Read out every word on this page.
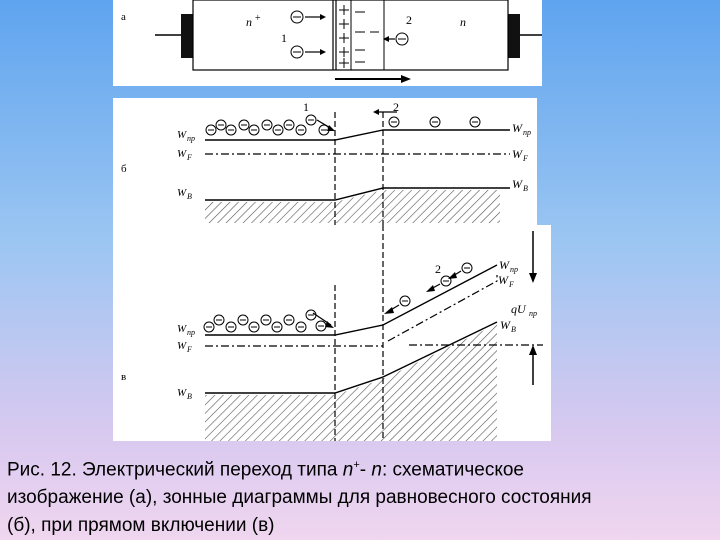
а	n +
1
2	n
б
1	2
W пр
W F
W В
W пр
W F
W В
в
2	W пр
W F
qU пр
W В
W пр
W F
W В
Рис. 12. Электрический переход типа n+- n: схематическое
изображение (а), зонные диаграммы для равновесного состояния
(б), при прямом включении (в)
